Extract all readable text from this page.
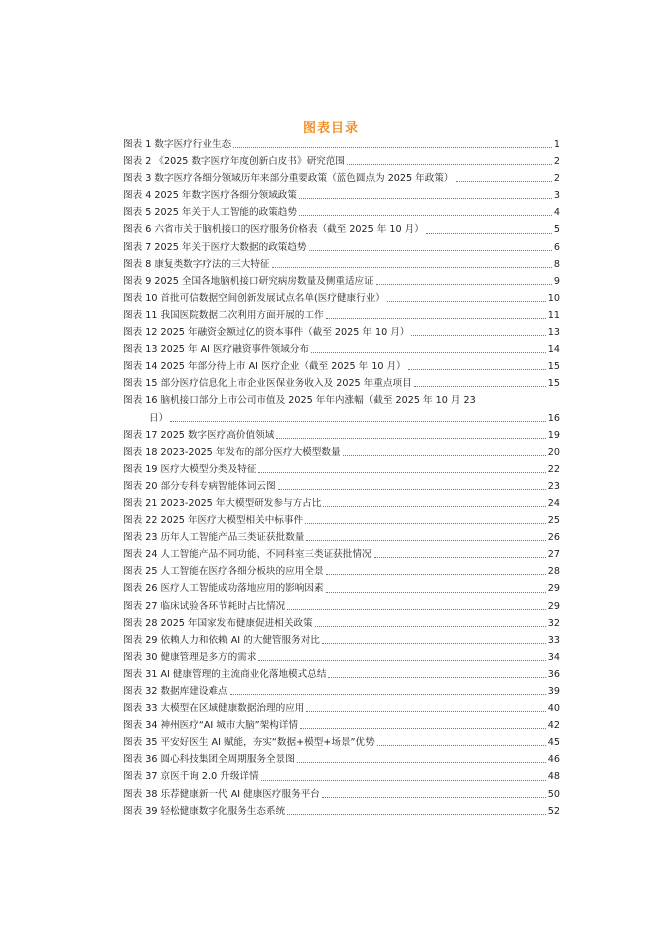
图表目录
图表 1 数字医疗行业生态	1
图表 2 《2025 数字医疗年度创新白皮书》研究范围	2
图表 3 数字医疗各细分领域历年来部分重要政策（蓝色圆点为 2025 年政策）	2
图表 4 2025 年数字医疗各细分领域政策	3
图表 5 2025 年关于人工智能的政策趋势	4
图表 6 六省市关于脑机接口的医疗服务价格表（截至 2025 年 10 月）	5
图表 7 2025 年关于医疗大数据的政策趋势	6
图表 8 康复类数字疗法的三大特征	8
图表 9 2025 全国各地脑机接口研究病房数量及侧重适应证	9
图表 10 首批可信数据空间创新发展试点名单(医疗健康行业）	10
图表 11 我国医院数据二次利用方面开展的工作	11
图表 12 2025 年融资金额过亿的资本事件（截至 2025 年 10 月）	13
图表 13 2025 年 AI 医疗融资事件领域分布	14
图表 14 2025 年部分待上市 AI 医疗企业（截至 2025 年 10 月）	15
图表 15 部分医疗信息化上市企业医保业务收入及 2025 年重点项目	15
图表 16 脑机接口部分上市公司市值及 2025 年年内涨幅（截至 2025 年 10 月 23
日）	16
图表 17 2025 数字医疗高价值领域	19
图表 18 2023-2025 年发布的部分医疗大模型数量	20
图表 19 医疗大模型分类及特征	22
图表 20 部分专科专病智能体词云图	23
图表 21 2023-2025 年大模型研发参与方占比	24
图表 22 2025 年医疗大模型相关中标事件	25
图表 23 历年人工智能产品三类证获批数量	26
图表 24 人工智能产品不同功能、不同科室三类证获批情况	27
图表 25 人工智能在医疗各细分板块的应用全景	28
图表 26 医疗人工智能成功落地应用的影响因素	29
图表 27 临床试验各环节耗时占比情况	29
图表 28 2025 年国家发布健康促进相关政策	32
图表 29 依赖人力和依赖 AI 的大健管服务对比	33
图表 30 健康管理是多方的需求	34
图表 31 AI 健康管理的主流商业化落地模式总结	36
图表 32 数据库建设难点	39
图表 33 大模型在区域健康数据治理的应用	40
图表 34 神州医疗“AI 城市大脑”架构详情	42
图表 35 平安好医生 AI 赋能，夯实“数据+模型+场景”优势	45
图表 36 圆心科技集团全周期服务全景图	46
图表 37 京医千询 2.0 升级详情	48
图表 38 乐荐健康新一代 AI 健康医疗服务平台	50
图表 39 轻松健康数字化服务生态系统	52
